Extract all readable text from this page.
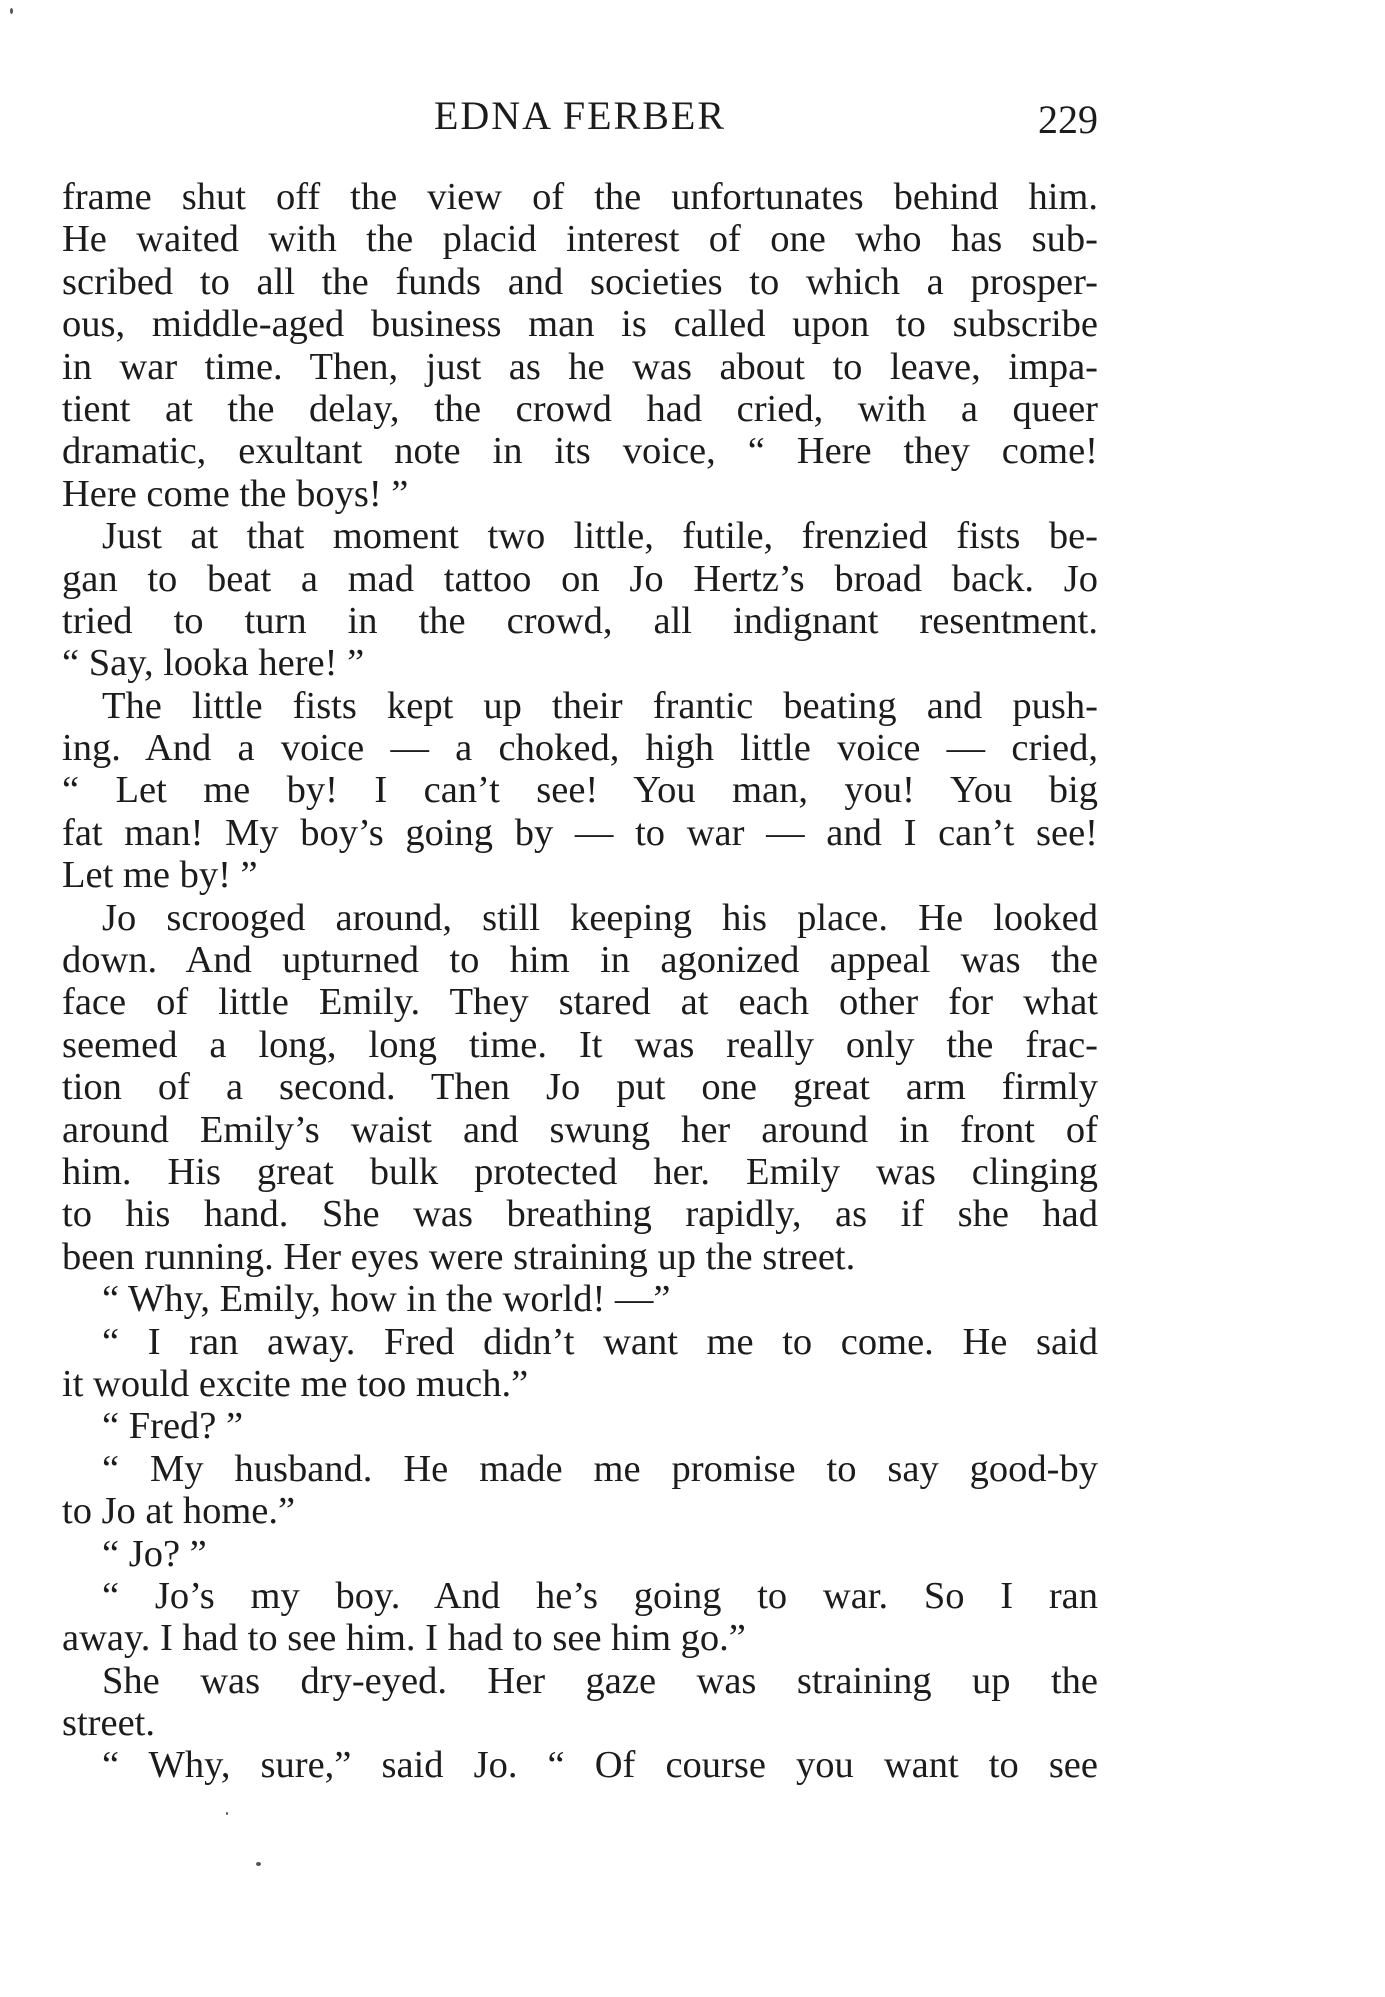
EDNA FERBER	229
frame shut off the view of the unfortunates behind him.
He waited with the placid interest of one who has sub-
scribed to all the funds and societies to which a prosper-
ous, middle-aged business man is called upon to subscribe
in war time. Then, just as he was about to leave, impa-
tient at the delay, the crowd had cried, with a queer
dramatic, exultant note in its voice, “ Here they come!
Here come the boys! ”
Just at that moment two little, futile, frenzied fists be-
gan to beat a mad tattoo on Jo Hertz’s broad back. Jo
tried to turn in the crowd, all indignant resentment.
“ Say, looka here! ”
The little fists kept up their frantic beating and push-
ing. And a voice — a choked, high little voice — cried,
“ Let me by! I can’t see! You man, you! You big
fat man! My boy’s going by — to war — and I can’t see!
Let me by! ”
Jo scrooged around, still keeping his place. He looked
down. And upturned to him in agonized appeal was the
face of little Emily. They stared at each other for what
seemed a long, long time. It was really only the frac-
tion of a second. Then Jo put one great arm firmly
around Emily’s waist and swung her around in front of
him. His great bulk protected her. Emily was clinging
to his hand. She was breathing rapidly, as if she had
been running. Her eyes were straining up the street.
“ Why, Emily, how in the world! —”
“ I ran away. Fred didn’t want me to come. He said
it would excite me too much.”
“ Fred? ”
“ My husband. He made me promise to say good-by
to Jo at home.”
“ Jo? ”
“ Jo’s my boy. And he’s going to war. So I ran
away. I had to see him. I had to see him go.”
She was dry-eyed. Her gaze was straining up the
street.
“ Why, sure,” said Jo. “ Of course you want to see
